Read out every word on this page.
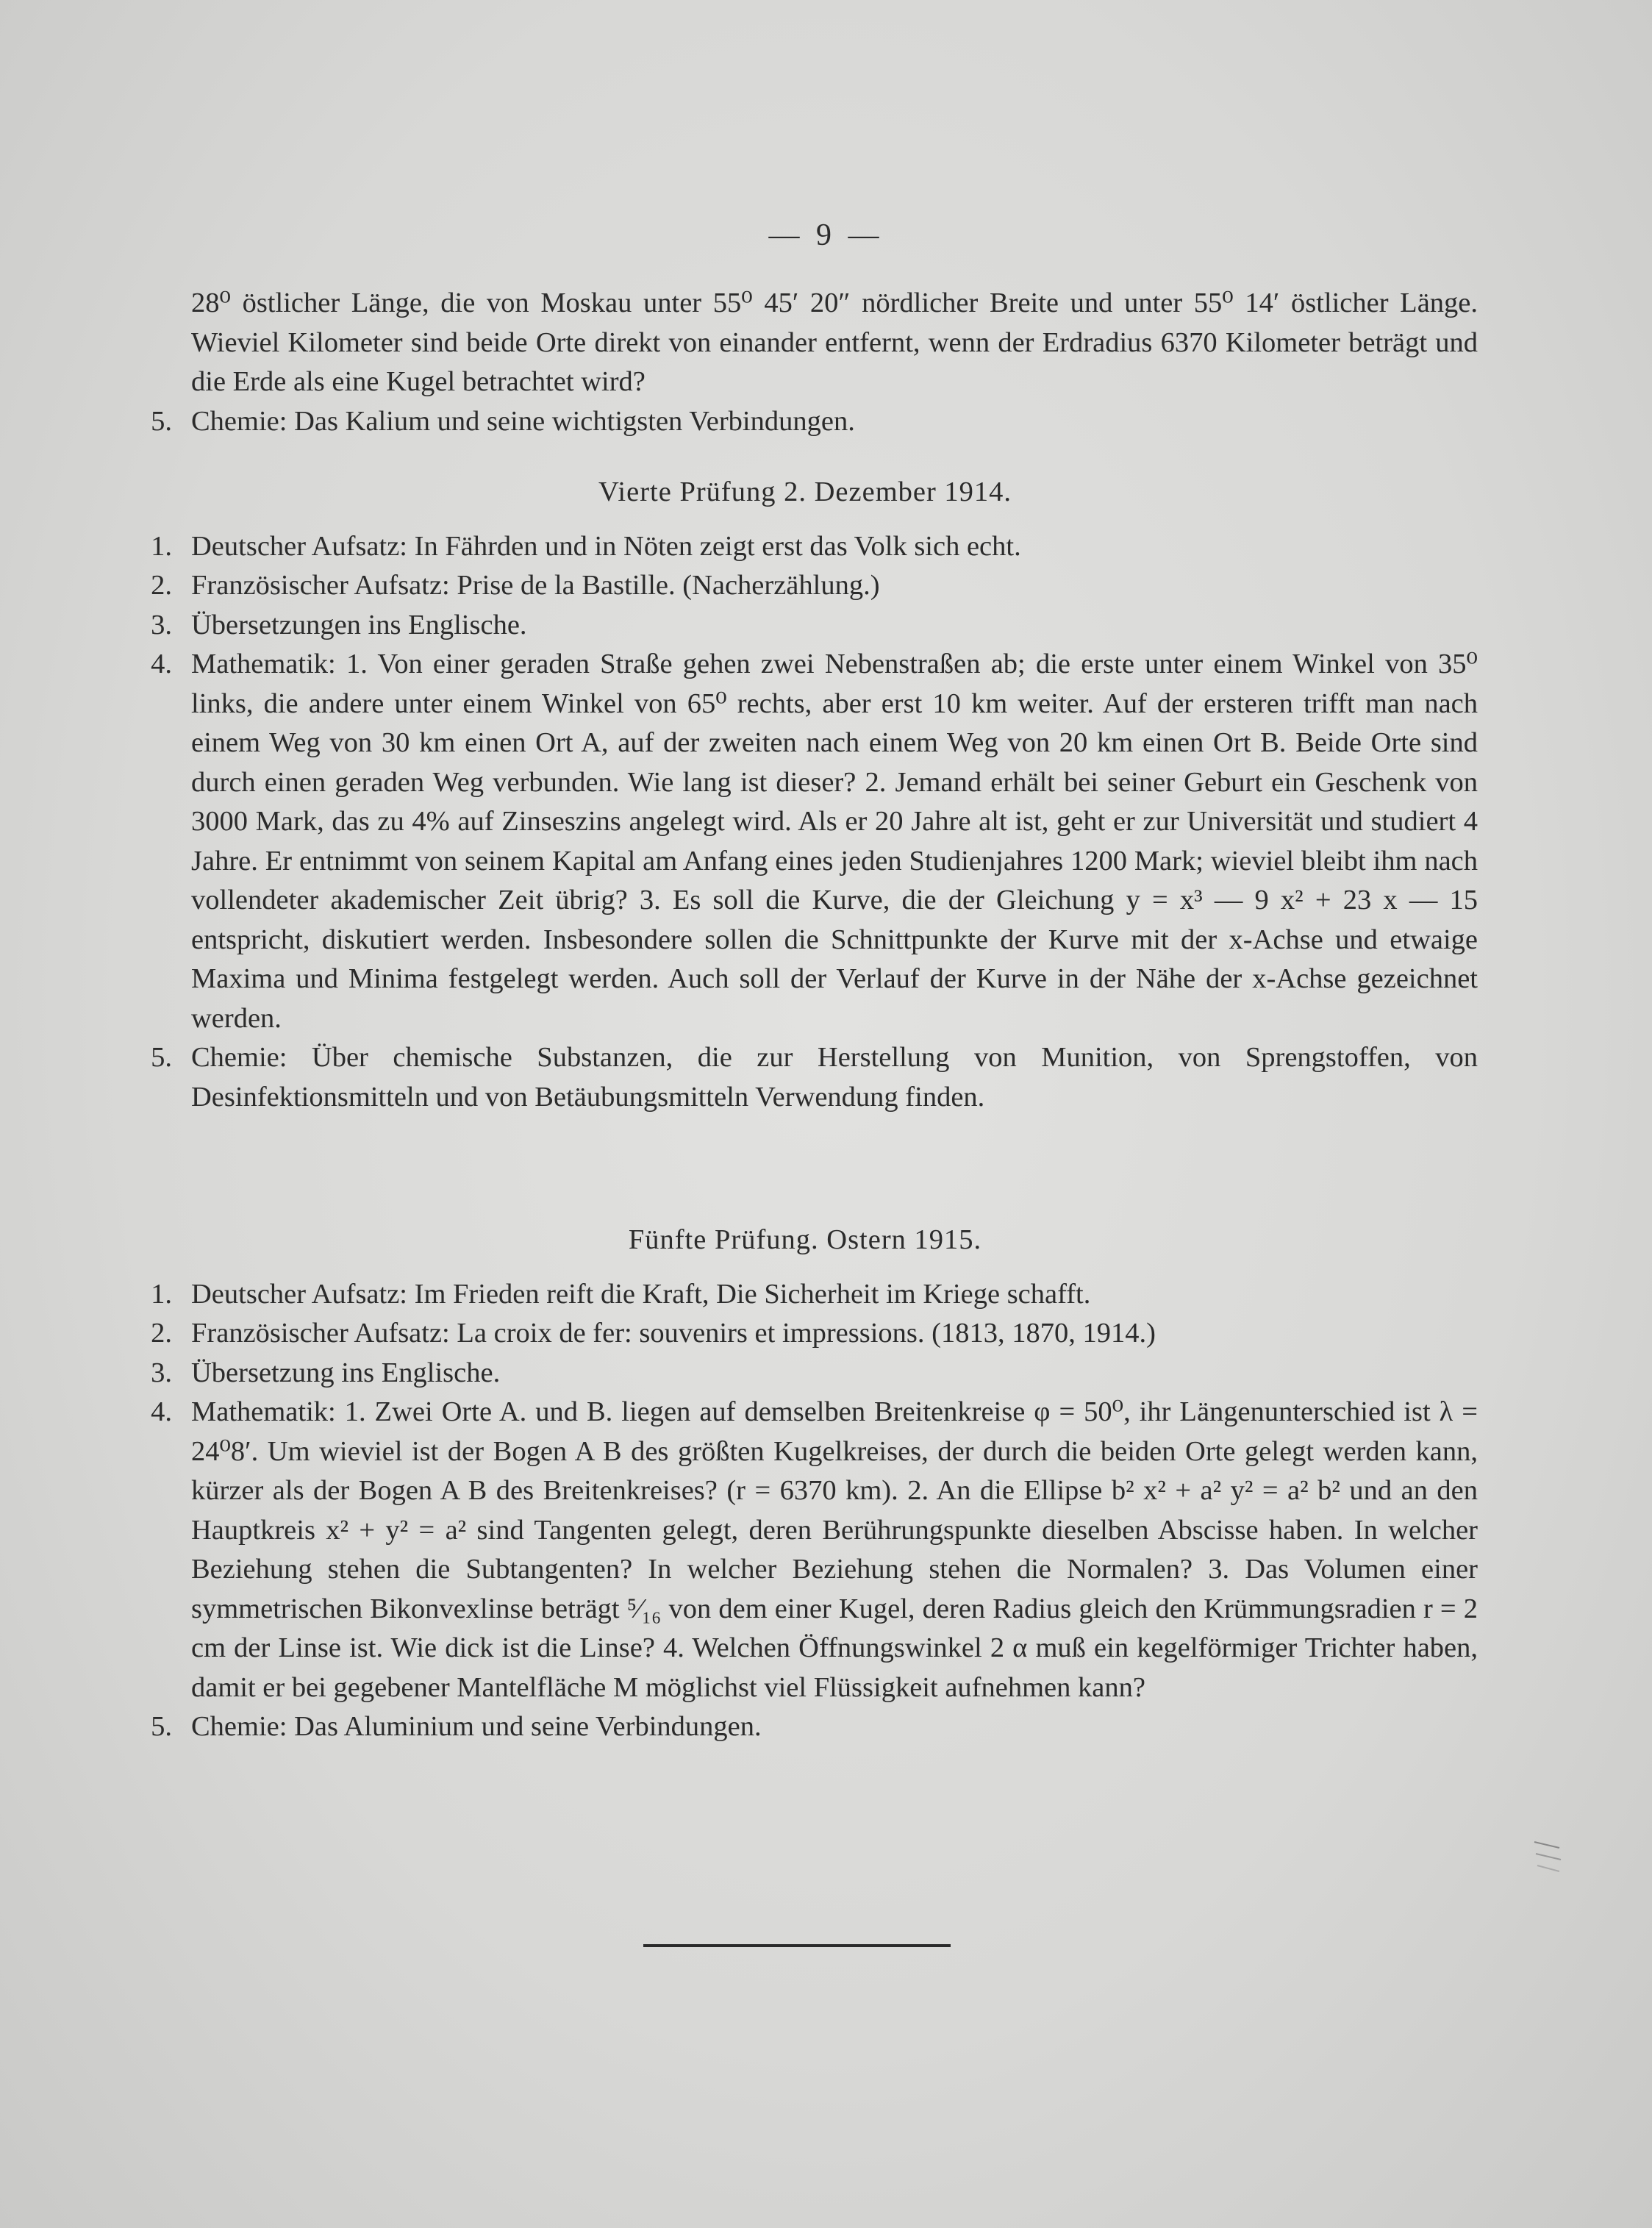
— 9 —

28⁰ östlicher Länge, die von Moskau unter 55⁰ 45′ 20″ nördlicher Breite und unter 55⁰ 14′ östlicher Länge. Wieviel Kilometer sind beide Orte direkt von einander entfernt, wenn der Erdradius 6370 Kilometer beträgt und die Erde als eine Kugel betrachtet wird?

5. Chemie: Das Kalium und seine wichtigsten Verbindungen.

Vierte Prüfung 2. Dezember 1914.

1. Deutscher Aufsatz: In Fährden und in Nöten zeigt erst das Volk sich echt.
2. Französischer Aufsatz: Prise de la Bastille. (Nacherzählung.)
3. Übersetzungen ins Englische.
4. Mathematik: 1. Von einer geraden Straße gehen zwei Nebenstraßen ab; die erste unter einem Winkel von 35⁰ links, die andere unter einem Winkel von 65⁰ rechts, aber erst 10 km weiter. Auf der ersteren trifft man nach einem Weg von 30 km einen Ort A, auf der zweiten nach einem Weg von 20 km einen Ort B. Beide Orte sind durch einen geraden Weg verbunden. Wie lang ist dieser? 2. Jemand erhält bei seiner Geburt ein Geschenk von 3000 Mark, das zu 4% auf Zinseszins angelegt wird. Als er 20 Jahre alt ist, geht er zur Universität und studiert 4 Jahre. Er entnimmt von seinem Kapital am Anfang eines jeden Studienjahres 1200 Mark; wieviel bleibt ihm nach vollendeter akademischer Zeit übrig? 3. Es soll die Kurve, die der Gleichung y = x³ — 9 x² + 23 x — 15 entspricht, diskutiert werden. Insbesondere sollen die Schnittpunkte der Kurve mit der x-Achse und etwaige Maxima und Minima festgelegt werden. Auch soll der Verlauf der Kurve in der Nähe der x-Achse gezeichnet werden.
5. Chemie: Über chemische Substanzen, die zur Herstellung von Munition, von Sprengstoffen, von Desinfektionsmitteln und von Betäubungsmitteln Verwendung finden.

Fünfte Prüfung. Ostern 1915.

1. Deutscher Aufsatz: Im Frieden reift die Kraft, Die Sicherheit im Kriege schafft.
2. Französischer Aufsatz: La croix de fer: souvenirs et impressions. (1813, 1870, 1914.)
3. Übersetzung ins Englische.
4. Mathematik: 1. Zwei Orte A. und B. liegen auf demselben Breitenkreise φ = 50⁰, ihr Längenunterschied ist λ = 24⁰8′. Um wieviel ist der Bogen A B des größten Kugelkreises, der durch die beiden Orte gelegt werden kann, kürzer als der Bogen A B des Breitenkreises? (r = 6370 km). 2. An die Ellipse b² x² + a² y² = a² b² und an den Hauptkreis x² + y² = a² sind Tangenten gelegt, deren Berührungspunkte dieselben Abscisse haben. In welcher Beziehung stehen die Subtangenten? In welcher Beziehung stehen die Normalen? 3. Das Volumen einer symmetrischen Bikonvexlinse beträgt ⁵⁄₁₆ von dem einer Kugel, deren Radius gleich den Krümmungsradien r = 2 cm der Linse ist. Wie dick ist die Linse? 4. Welchen Öffnungswinkel 2 α muß ein kegelförmiger Trichter haben, damit er bei gegebener Mantelfläche M möglichst viel Flüssigkeit aufnehmen kann?
5. Chemie: Das Aluminium und seine Verbindungen.
